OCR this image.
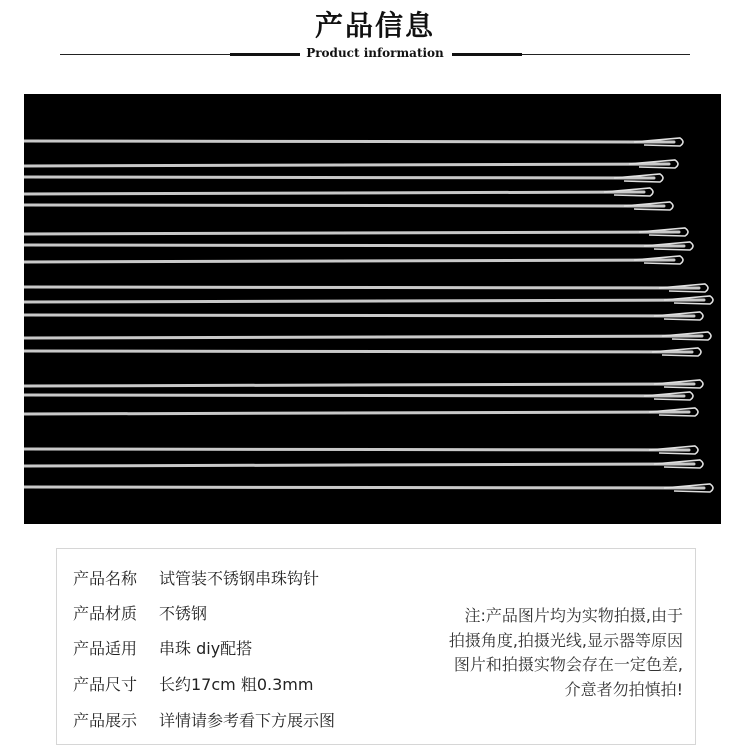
产品信息
Product information
产品名称 试管装不锈钢串珠钩针
产品材质 不锈钢
产品适用 串珠 diy配搭
产品尺寸 长约17cm 粗0.3mm
产品展示 详情请参考看下方展示图
注:产品图片均为实物拍摄,由于
拍摄角度,拍摄光线,显示器等原因
图片和拍摄实物会存在一定色差,
介意者勿拍慎拍!
